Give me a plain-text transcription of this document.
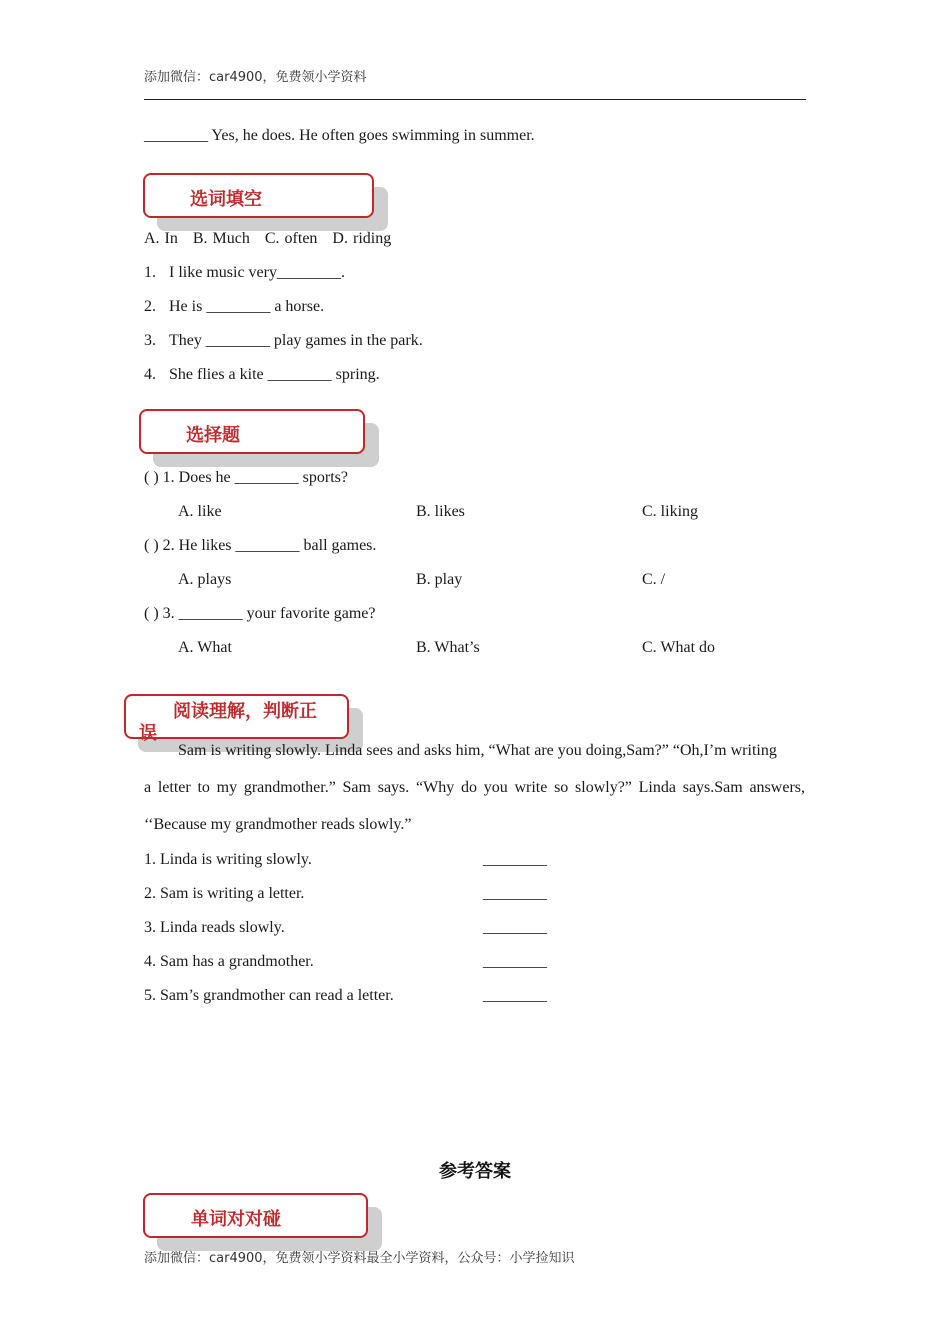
添加微信：car4900，免费领小学资料
________ Yes, he does. He often goes swimming in summer.
选词填空
A. In   B. Much   C. often   D. riding
1. I like music very________.
2. He is ________ a horse.
3. They ________ play games in the park.
4. She flies a kite ________ spring.
选择题
( ) 1. Does he ________ sports?
A. like	B. likes	C. liking
( ) 2. He likes ________ ball games.
A. plays	B. play	C. /
( ) 3. ________ your favorite game?
A. What	B. What’s	C. What do
阅读理解，判断正
误
Sam is writing slowly. Linda sees and asks him, “What are you doing,Sam?” “Oh,I’m writing
a letter to my grandmother.” Sam says. “Why do you write so slowly?” Linda says.Sam answers,
‘‘Because my grandmother reads slowly.”
1. Linda is writing slowly.	________
2. Sam is writing a letter.	________
3. Linda reads slowly.	________
4. Sam has a grandmother.	________
5. Sam’s grandmother can read a letter.	________
参考答案
单词对对碰
添加微信：car4900，免费领小学资料最全小学资料，公众号：小学捡知识
